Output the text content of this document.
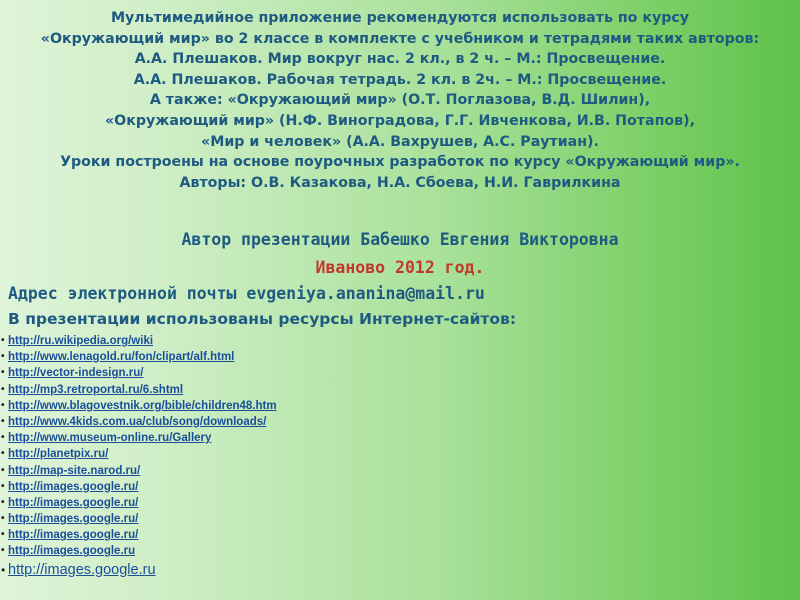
Мультимедийное приложение рекомендуются использовать по курсу
«Окружающий мир» во 2 классе в комплекте с учебником и тетрадями таких авторов:
А.А. Плешаков. Мир вокруг нас. 2 кл., в 2 ч. – М.: Просвещение.
А.А. Плешаков. Рабочая тетрадь. 2 кл. в 2ч. – М.: Просвещение.
А также: «Окружающий мир» (О.Т. Поглазова, В.Д. Шилин),
«Окружающий мир» (Н.Ф. Виноградова, Г.Г. Ивченкова, И.В. Потапов),
«Мир и человек» (А.А. Вахрушев, А.С. Раутиан).
Уроки построены на основе поурочных разработок по курсу «Окружающий мир».
Авторы: О.В. Казакова, Н.А. Сбоева, Н.И. Гаврилкина
Автор презентации Бабешко Евгения Викторовна
Иваново 2012 год.
Адрес электронной почты evgeniya.ananina@mail.ru
В презентации использованы ресурсы Интернет-сайтов:
• http://ru.wikipedia.org/wiki
• http://www.lenagold.ru/fon/clipart/alf.html
• http://vector-indesign.ru/
• http://mp3.retroportal.ru/6.shtml
• http://www.blagovestnik.org/bible/children48.htm
• http://www.4kids.com.ua/club/song/downloads/
• http://www.museum-online.ru/Gallery
• http://planetpix.ru/
• http://map-site.narod.ru/
• http://images.google.ru/
• http://images.google.ru/
• http://images.google.ru/
• http://images.google.ru/
• http://images.google.ru
• http://images.google.ru
